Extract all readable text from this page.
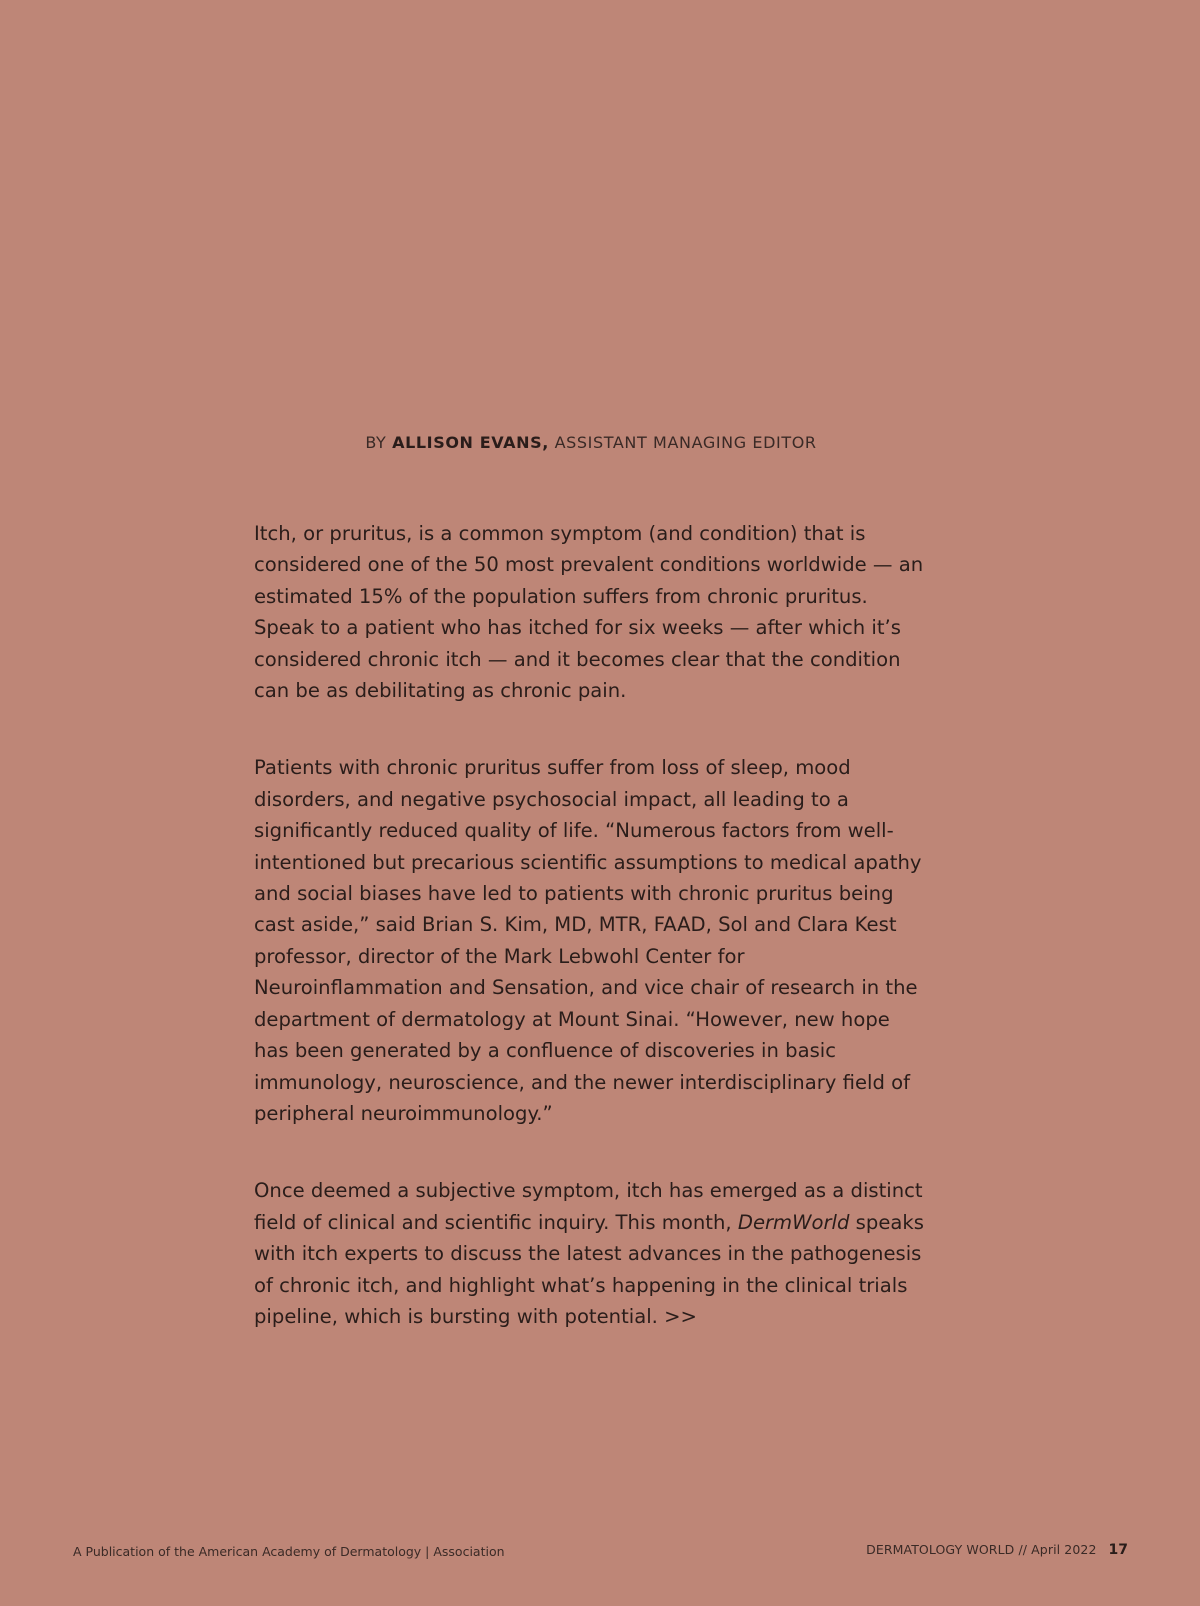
BY ALLISON EVANS, ASSISTANT MANAGING EDITOR

Itch, or pruritus, is a common symptom (and condition) that is considered one of the 50 most prevalent conditions worldwide — an estimated 15% of the population suffers from chronic pruritus. Speak to a patient who has itched for six weeks — after which it’s considered chronic itch — and it becomes clear that the condition can be as debilitating as chronic pain.

Patients with chronic pruritus suffer from loss of sleep, mood disorders, and negative psychosocial impact, all leading to a significantly reduced quality of life. “Numerous factors from well-intentioned but precarious scientific assumptions to medical apathy and social biases have led to patients with chronic pruritus being cast aside,” said Brian S. Kim, MD, MTR, FAAD, Sol and Clara Kest professor, director of the Mark Lebwohl Center for Neuroinflammation and Sensation, and vice chair of research in the department of dermatology at Mount Sinai. “However, new hope has been generated by a confluence of discoveries in basic immunology, neuroscience, and the newer interdisciplinary field of peripheral neuroimmunology.”

Once deemed a subjective symptom, itch has emerged as a distinct field of clinical and scientific inquiry. This month, DermWorld speaks with itch experts to discuss the latest advances in the pathogenesis of chronic itch, and highlight what’s happening in the clinical trials pipeline, which is bursting with potential. >>

A Publication of the American Academy of Dermatology | Association	DERMATOLOGY WORLD // April 2022 17
